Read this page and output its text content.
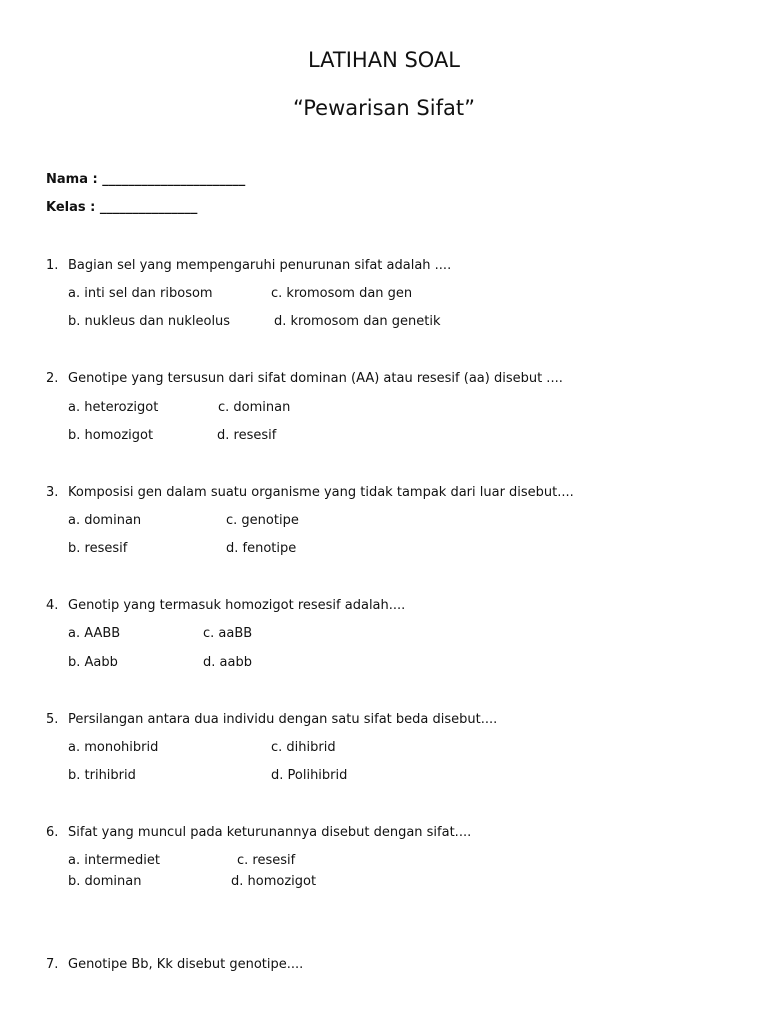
LATIHAN SOAL
“Pewarisan Sifat”
Nama : ______________________
Kelas : _______________
1. Bagian sel yang mempengaruhi penurunan sifat adalah ....
a. inti sel dan ribosom	c. kromosom dan gen
b. nukleus dan nukleolus	d. kromosom dan genetik
2. Genotipe yang tersusun dari sifat dominan (AA) atau resesif (aa) disebut ....
a. heterozigot	c. dominan
b. homozigot	d. resesif
3. Komposisi gen dalam suatu organisme yang tidak tampak dari luar disebut....
a. dominan	c. genotipe
b. resesif	d. fenotipe
4. Genotip yang termasuk homozigot resesif adalah....
a. AABB	c. aaBB
b. Aabb	d. aabb
5. Persilangan antara dua individu dengan satu sifat beda disebut....
a. monohibrid	c. dihibrid
b. trihibrid	d. Polihibrid
6. Sifat yang muncul pada keturunannya disebut dengan sifat....
a. intermediet	c. resesif
b. dominan	d. homozigot
7. Genotipe Bb, Kk disebut genotipe....
